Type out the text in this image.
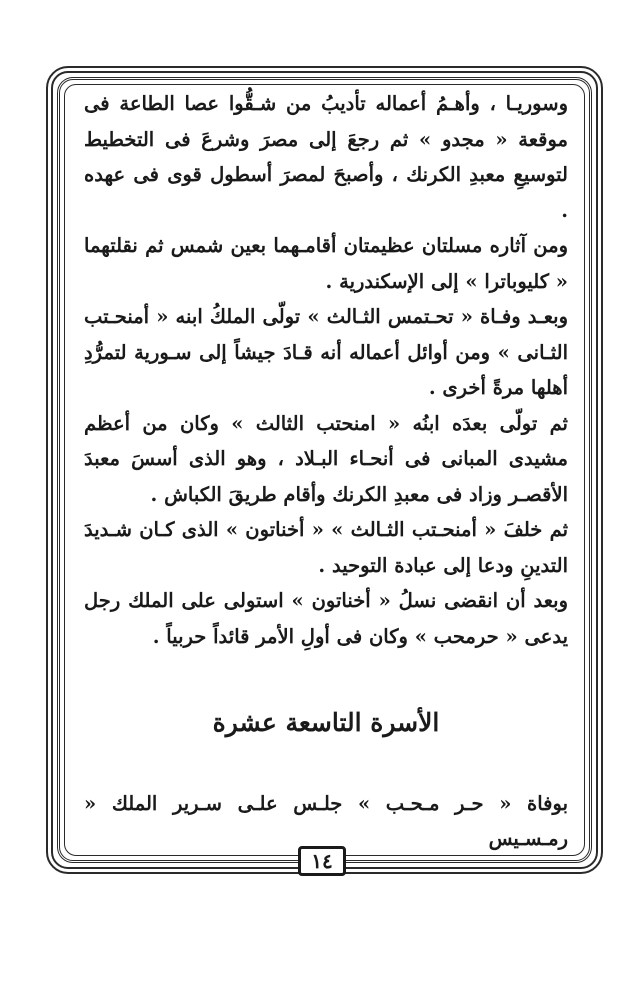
وسوريـا ، وأهـمُ أعماله تأديبُ من شـقُّوا عصا الطاعة فى موقعة « مجدو » ثم رجعَ إلى مصرَ وشرعَ فى التخطيط لتوسيعِ معبدِ الكرنك ، وأصبحَ لمصرَ أسطول قوى فى عهده .

ومن آثاره مسلتان عظيمتان أقامـهما بعين شمس ثم نقلتهما « كليوباترا » إلى الإسكندرية .

وبعـد وفـاة « تحـتمس الثـالث » تولّى الملكُ ابنه « أمنحـتب الثـانى » ومن أوائل أعماله أنه قـادَ جيشاً إلى سـورية لتمرُّدِ أهلها مرةً أخرى .

ثم تولّى بعدَه ابنُه « امنحتب الثالث » وكان من أعظم مشيدى المبانى فى أنحـاء البـلاد ، وهو الذى أسسَ معبدَ الأقصـر وزاد فى معبدِ الكرنك وأقام طريقَ الكباش .

ثم خلفَ « أمنحـتب الثـالث » « أخناتون » الذى كـان شـديدَ التدينِ ودعا إلى عبادة التوحيد .

وبعد أن انقضى نسلُ « أخناتون » استولى على الملك رجل يدعى « حرمحب » وكان فى أولِ الأمر قائداً حربياً .

الأسرة التاسعة عشرة
بوفاة « حـر مـحـب » جلـس علـى سـرير الملك « رمـسـيس
١٤
